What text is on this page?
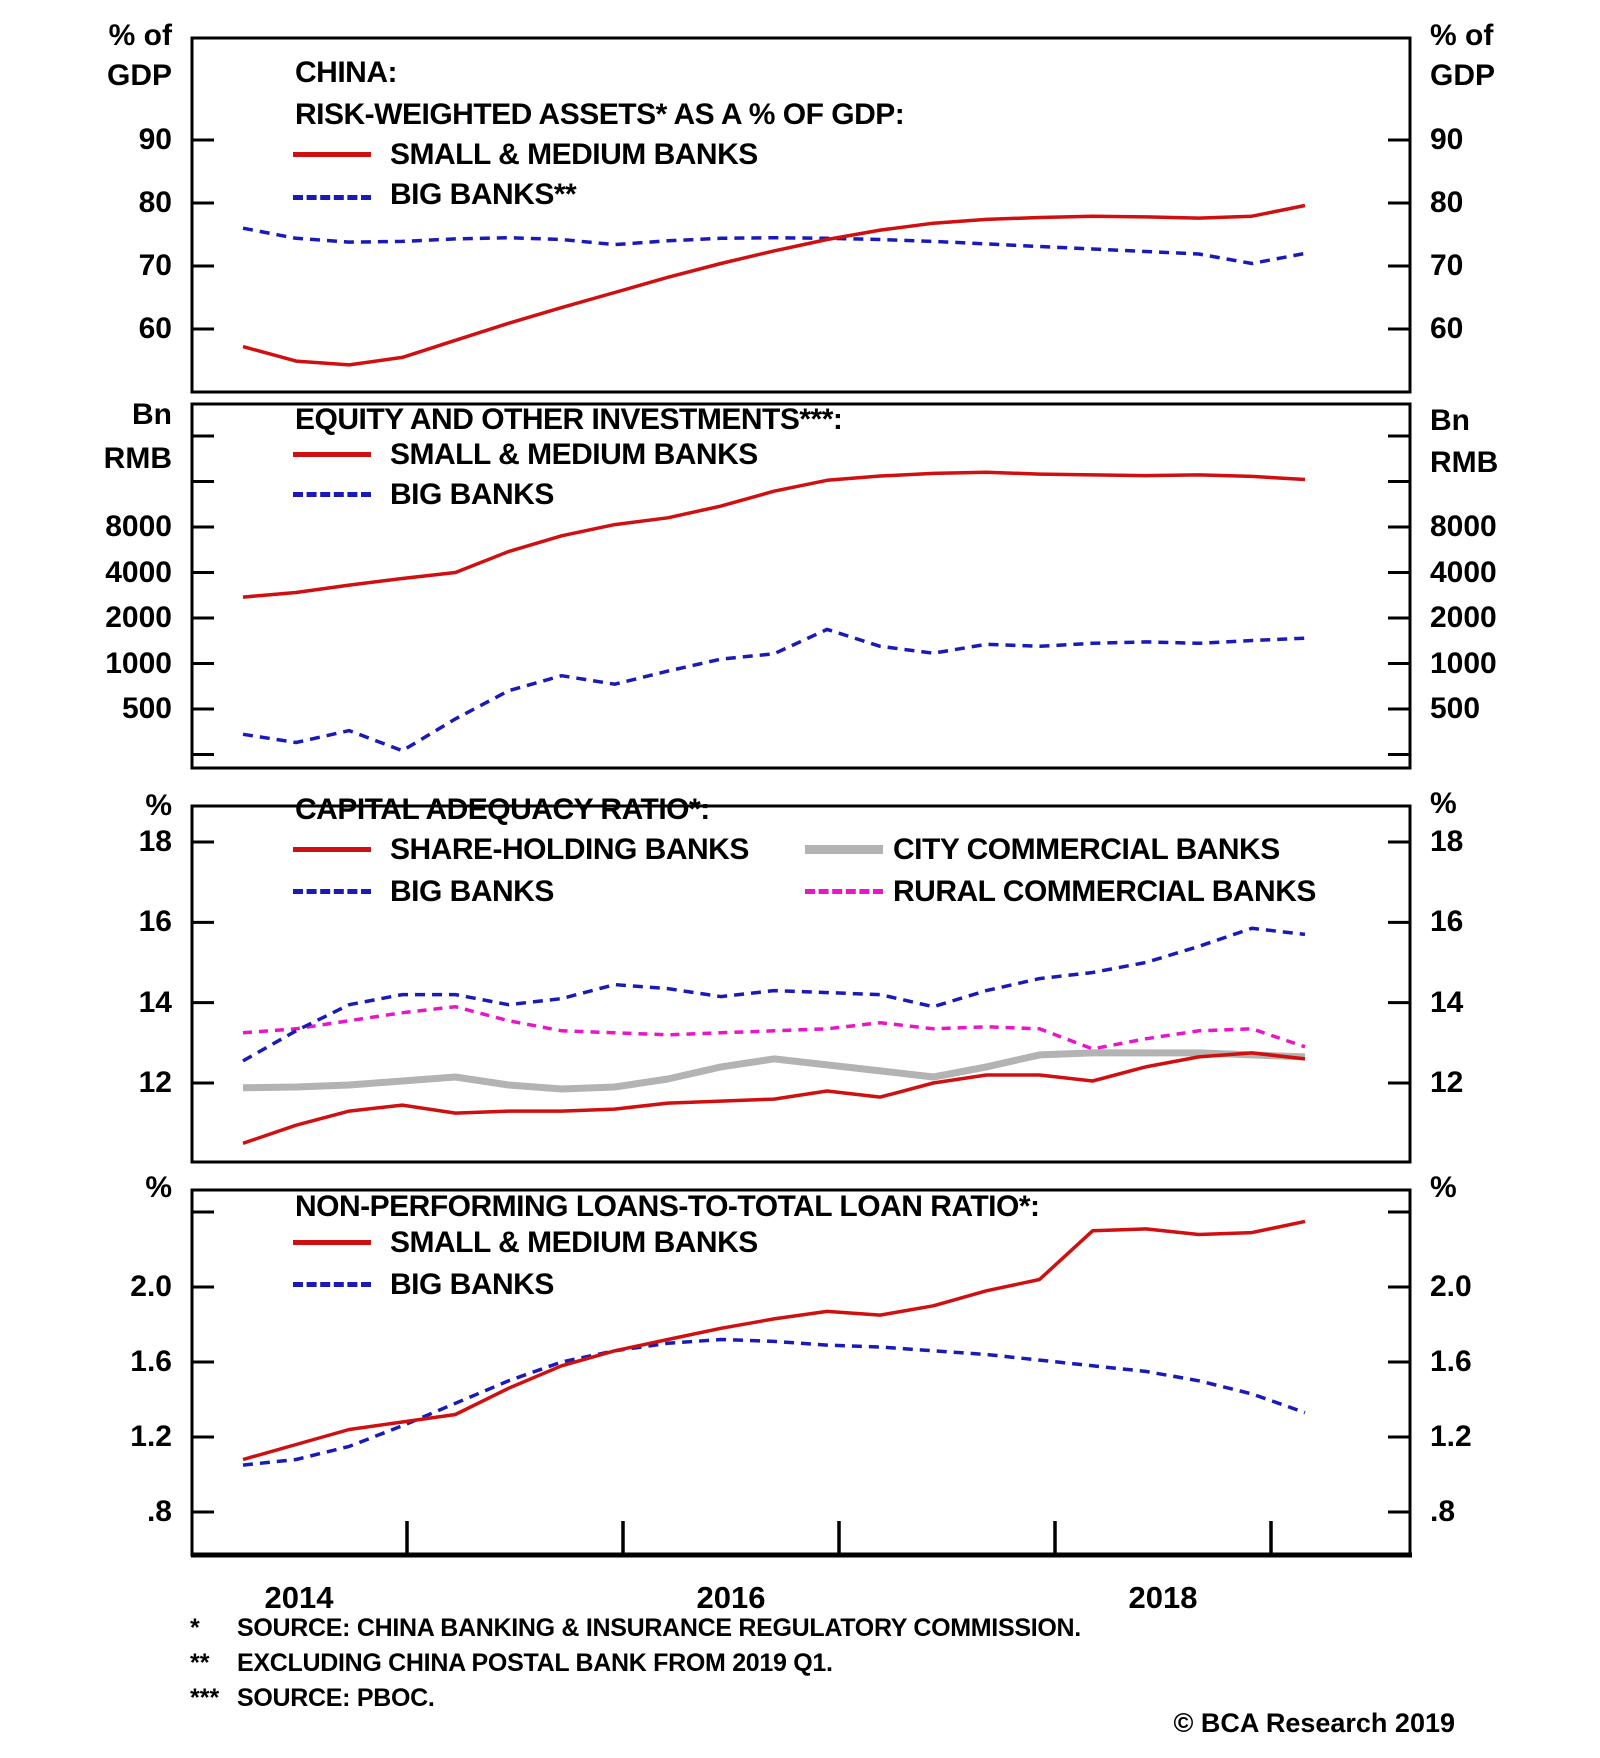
90	90
80	80
70	70
60	60
% of	% of
GDP	GDP
8000	8000
4000	4000
2000	2000
1000	1000
500	500
Bn	Bn
RMB	RMB
18	18
16	16
14	14
12	12
%	%
2.0	2.0
1.6	1.6
1.2	1.2
.8	.8
%	%
2014	2016	2018
CHINA:
RISK-WEIGHTED ASSETS* AS A % OF GDP:
SMALL & MEDIUM BANKS
BIG BANKS**
EQUITY AND OTHER INVESTMENTS***:
SMALL & MEDIUM BANKS
BIG BANKS
CAPITAL ADEQUACY RATIO*:
SHARE-HOLDING BANKS
BIG BANKS
CITY COMMERCIAL BANKS
RURAL COMMERCIAL BANKS
NON-PERFORMING LOANS-TO-TOTAL LOAN RATIO*:
SMALL & MEDIUM BANKS
BIG BANKS
* SOURCE: CHINA BANKING & INSURANCE REGULATORY COMMISSION.
** EXCLUDING CHINA POSTAL BANK FROM 2019 Q1.
*** SOURCE: PBOC.
© BCA Research 2019
